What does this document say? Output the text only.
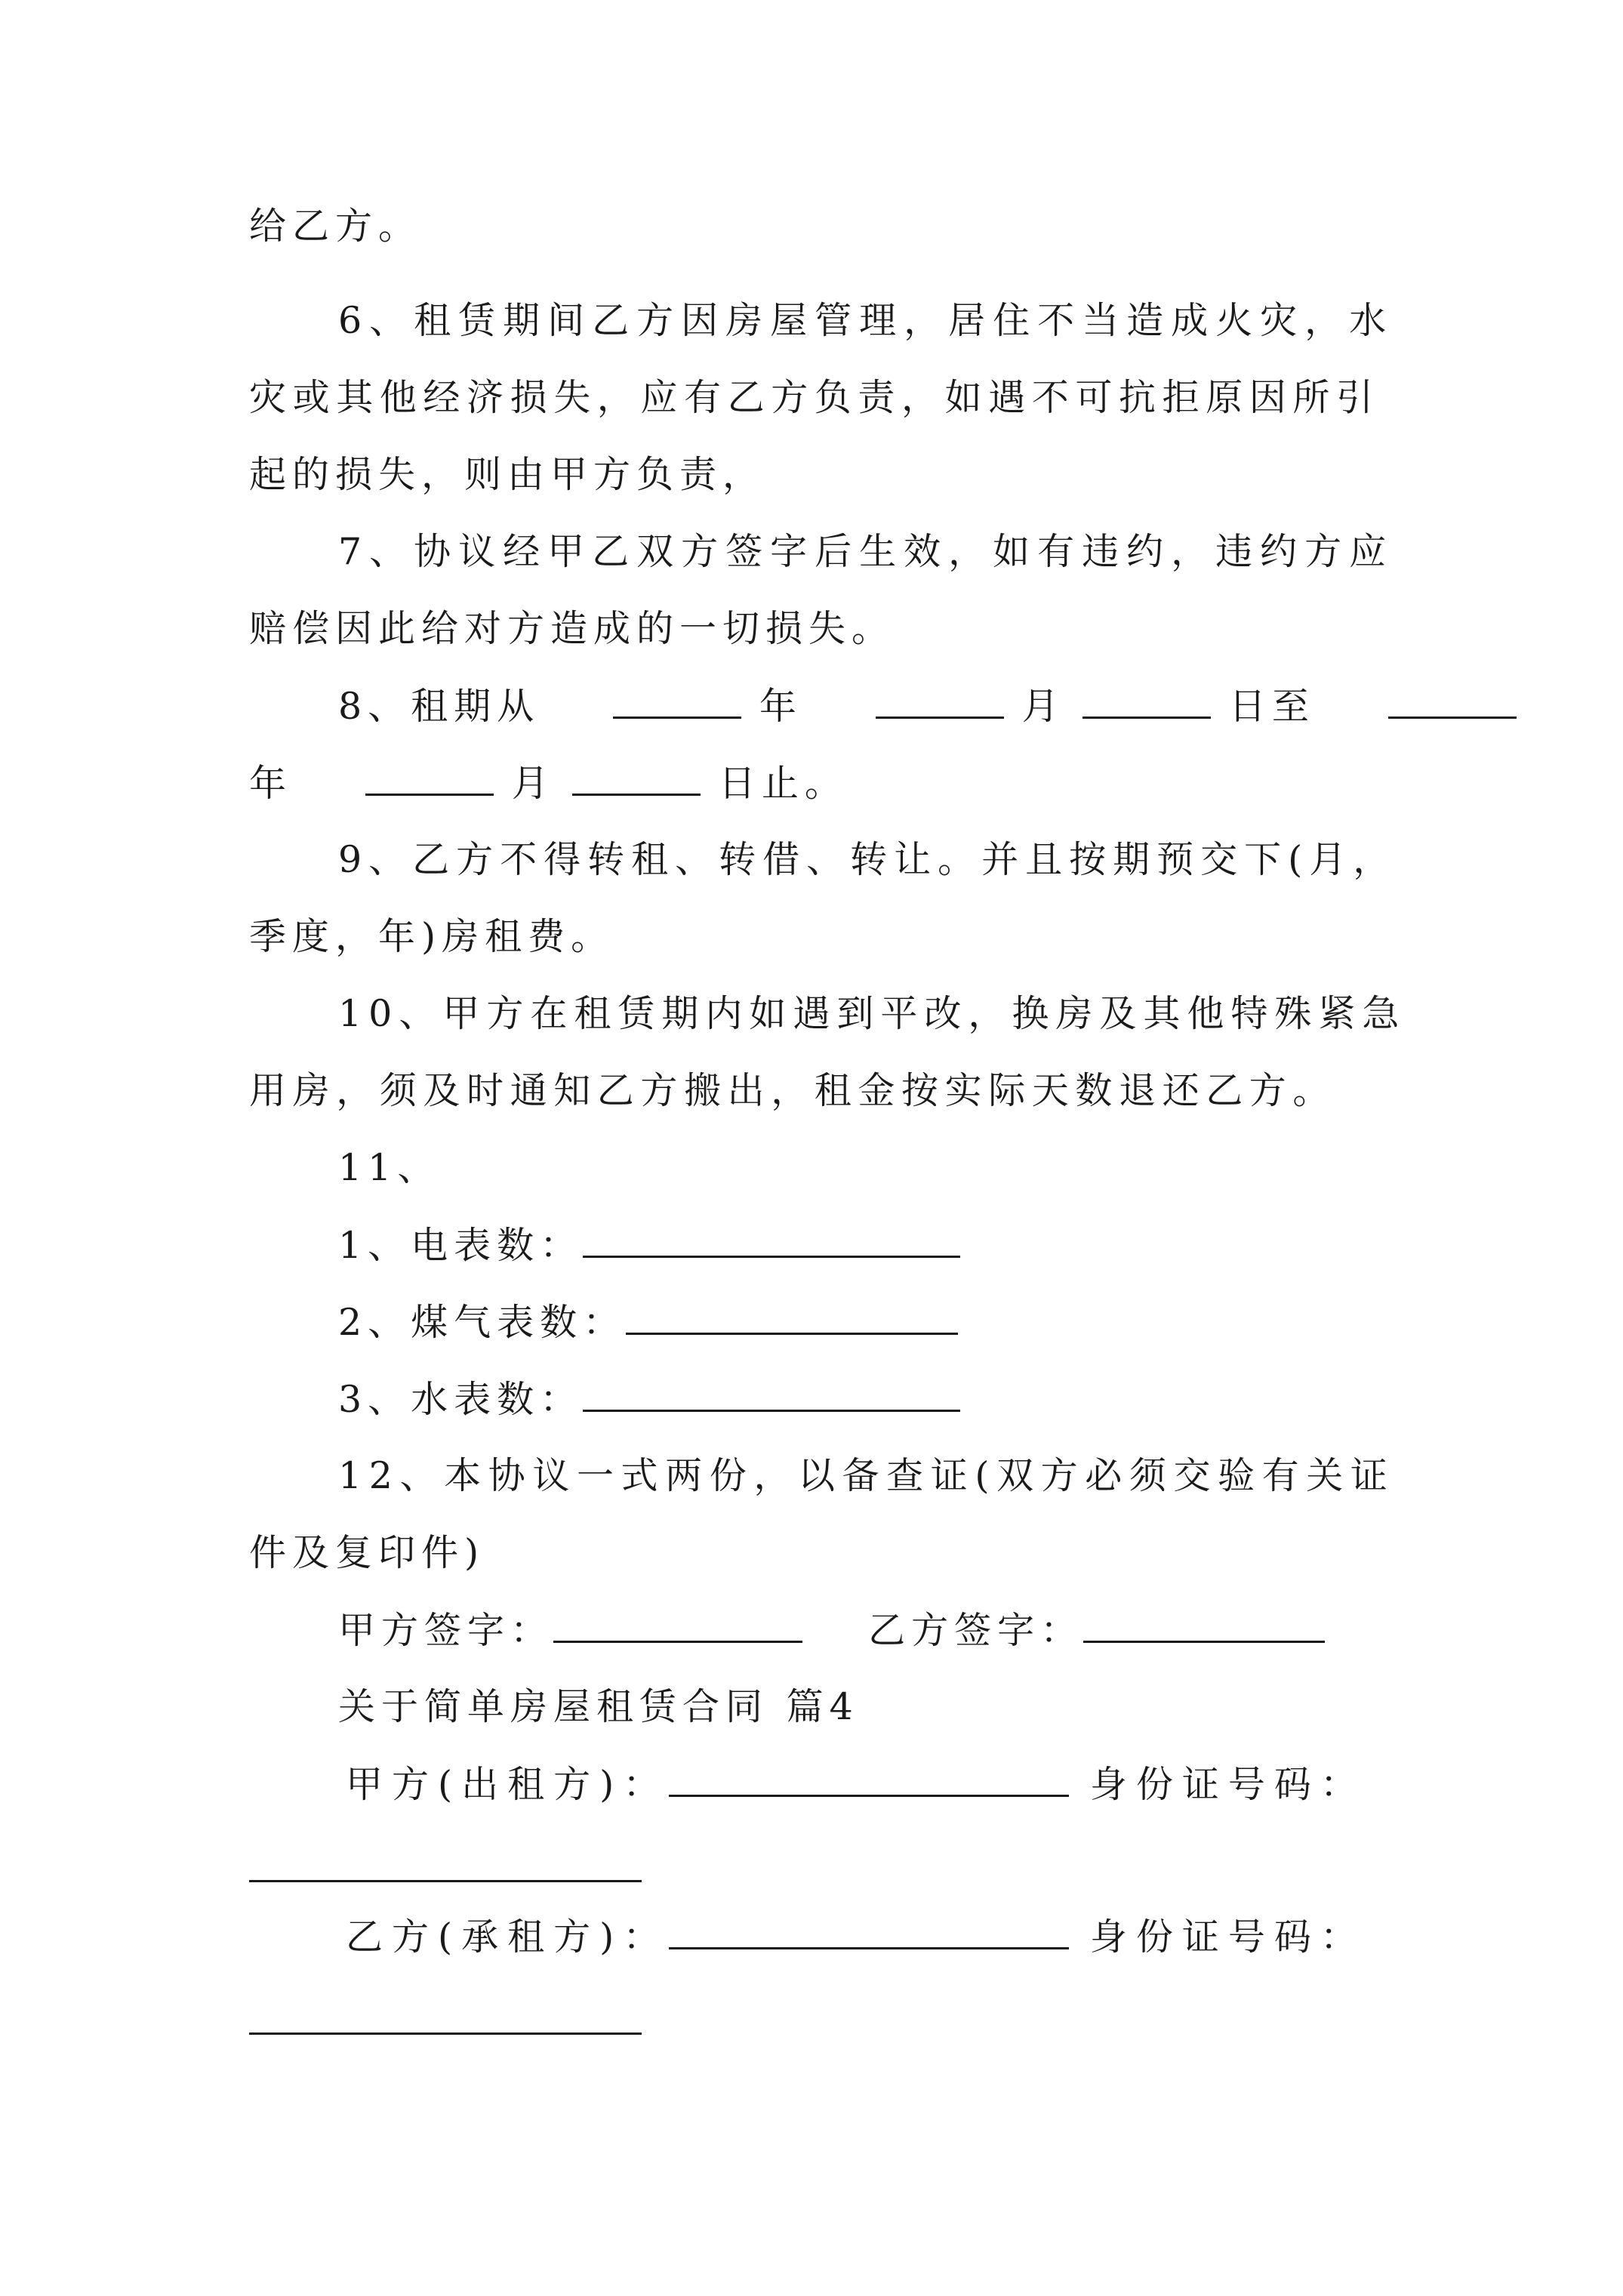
给乙方。
6、租赁期间乙方因房屋管理，居住不当造成火灾，水
灾或其他经济损失，应有乙方负责，如遇不可抗拒原因所引
起的损失，则由甲方负责，
7、协议经甲乙双方签字后生效，如有违约，违约方应
赔偿因此给对方造成的一切损失。
8、租期从	年	月	日至
年	月	日止。
9、乙方不得转租、转借、转让。并且按期预交下(月，
季度，年)房租费。
10、甲方在租赁期内如遇到平改，换房及其他特殊紧急
用房，须及时通知乙方搬出，租金按实际天数退还乙方。
11、
1、电表数：
2、煤气表数：
3、水表数：
12、本协议一式两份，以备查证(双方必须交验有关证
件及复印件)
甲方签字：	乙方签字：
关于简单房屋租赁合同 篇4
甲方(出租方)：	身份证号码：
乙方(承租方)：	身份证号码：
